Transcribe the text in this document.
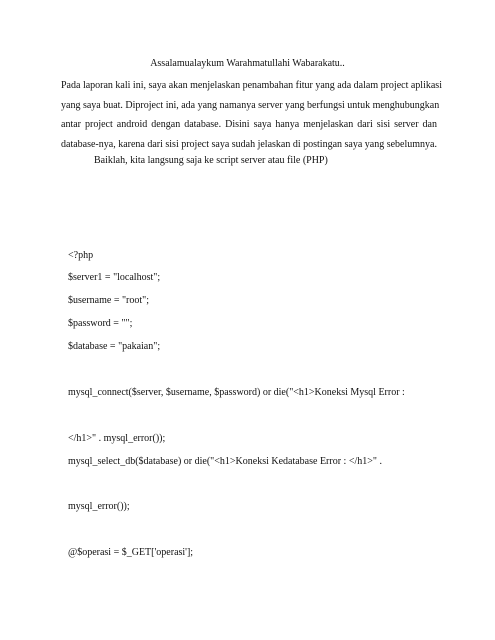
Assalamualaykum Warahmatullahi Wabarakatu..

Pada laporan kali ini, saya akan menjelaskan penambahan fitur yang ada dalam project aplikasi
yang saya buat. Diproject ini, ada yang namanya server yang berfungsi untuk menghubungkan
antar project android dengan database. Disini saya hanya menjelaskan dari sisi server dan
database-nya, karena dari sisi project saya sudah jelaskan di postingan saya yang sebelumnya.

Baiklah, kita langsung saja ke script server atau file (PHP)
<?php
$server1 = "localhost";
$username = "root";
$password = "";
$database = "pakaian";
mysql_connect($server, $username, $password) or die("<h1>Koneksi Mysql Error :
</h1>" . mysql_error());
mysql_select_db($database) or die("<h1>Koneksi Kedatabase Error : </h1>" .
mysql_error());
@$operasi = $_GET['operasi'];
